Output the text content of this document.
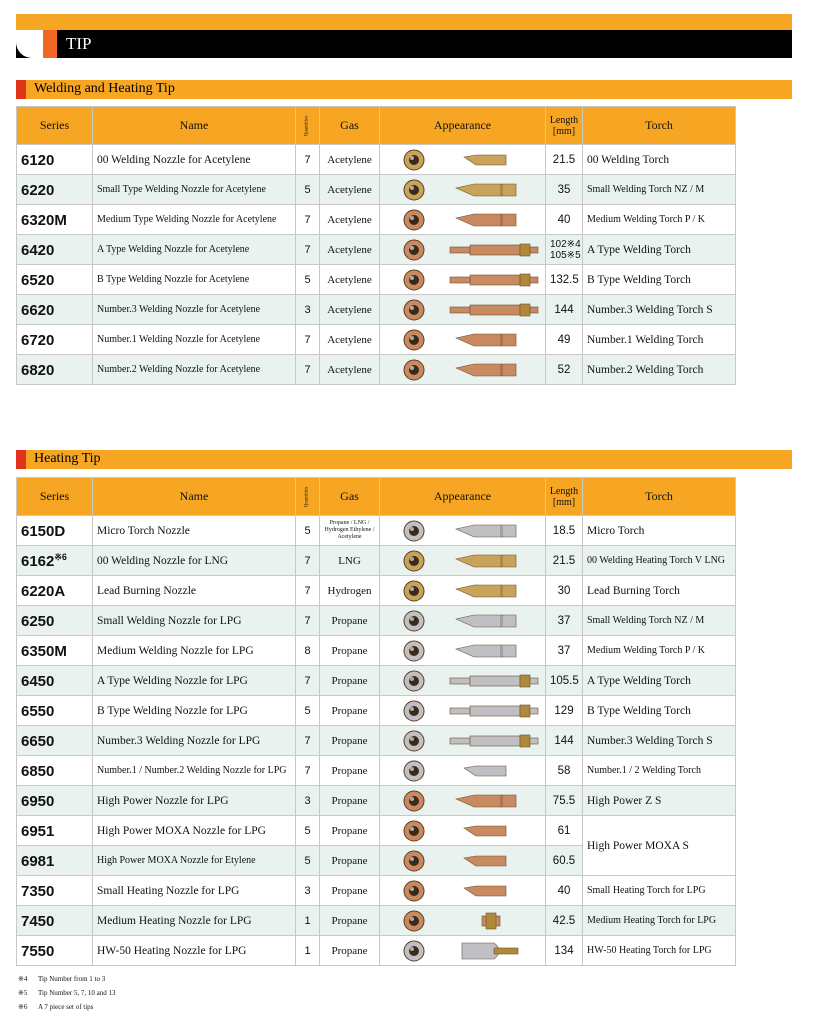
TIP
Welding and Heating Tip
Series	Name	Quantities	Gas	Appearance	Length
[mm]	Torch
6120	00 Welding Nozzle for Acetylene	7	Acetylene		21.5	00 Welding Torch
6220	Small Type Welding Nozzle for Acetylene	5	Acetylene		35	Small Welding Torch NZ / M
6320M	Medium Type Welding Nozzle for Acetylene	7	Acetylene		40	Medium Welding Torch P / K
6420	A Type Welding Nozzle for Acetylene	7	Acetylene		102※4
105※5	A Type Welding Torch
6520	B Type Welding Nozzle for Acetylene	5	Acetylene		132.5	B Type Welding Torch
6620	Number.3 Welding Nozzle for Acetylene	3	Acetylene		144	Number.3 Welding Torch S
6720	Number.1 Welding Nozzle for Acetylene	7	Acetylene		49	Number.1 Welding Torch
6820	Number.2 Welding Nozzle for Acetylene	7	Acetylene		52	Number.2 Welding Torch
Heating Tip
Series	Name	Quantities	Gas	Appearance	Length
[mm]	Torch
6150D	Micro Torch Nozzle	5	Propane / LNG / Hydrogen Ethylene / Acetylene		18.5	Micro Torch
6162$^{※6}$	00 Welding Nozzle for LNG	7	LNG		21.5	00 Welding Heating Torch V LNG
6220A	Lead Burning Nozzle	7	Hydrogen		30	Lead Burning Torch
6250	Small Welding Nozzle for LPG	7	Propane		37	Small Welding Torch NZ / M
6350M	Medium Welding Nozzle for LPG	8	Propane		37	Medium Welding Torch P / K
6450	A Type Welding Nozzle for LPG	7	Propane		105.5	A Type Welding Torch
6550	B Type Welding Nozzle for LPG	5	Propane		129	B Type Welding Torch
6650	Number.3 Welding Nozzle for LPG	7	Propane		144	Number.3 Welding Torch S
6850	Number.1 / Number.2 Welding Nozzle for LPG	7	Propane		58	Number.1 / 2 Welding Torch
6950	High Power Nozzle for LPG	3	Propane		75.5	High Power Z S
6951	High Power MOXA Nozzle for LPG	5	Propane		61	High Power MOXA S
6981	High Power MOXA Nozzle for Etylene	5	Propane		60.5	
7350	Small Heating Nozzle for LPG	3	Propane		40	Small Heating Torch for LPG
7450	Medium Heating Nozzle for LPG	1	Propane		42.5	Medium Heating Torch for LPG
7550	HW-50 Heating Nozzle for LPG	1	Propane		134	HW-50 Heating Torch for LPG
※4 Tip Number from 1 to 3
※5 Tip Number 5, 7, 10 and 13
※6 A 7 piece set of tips
